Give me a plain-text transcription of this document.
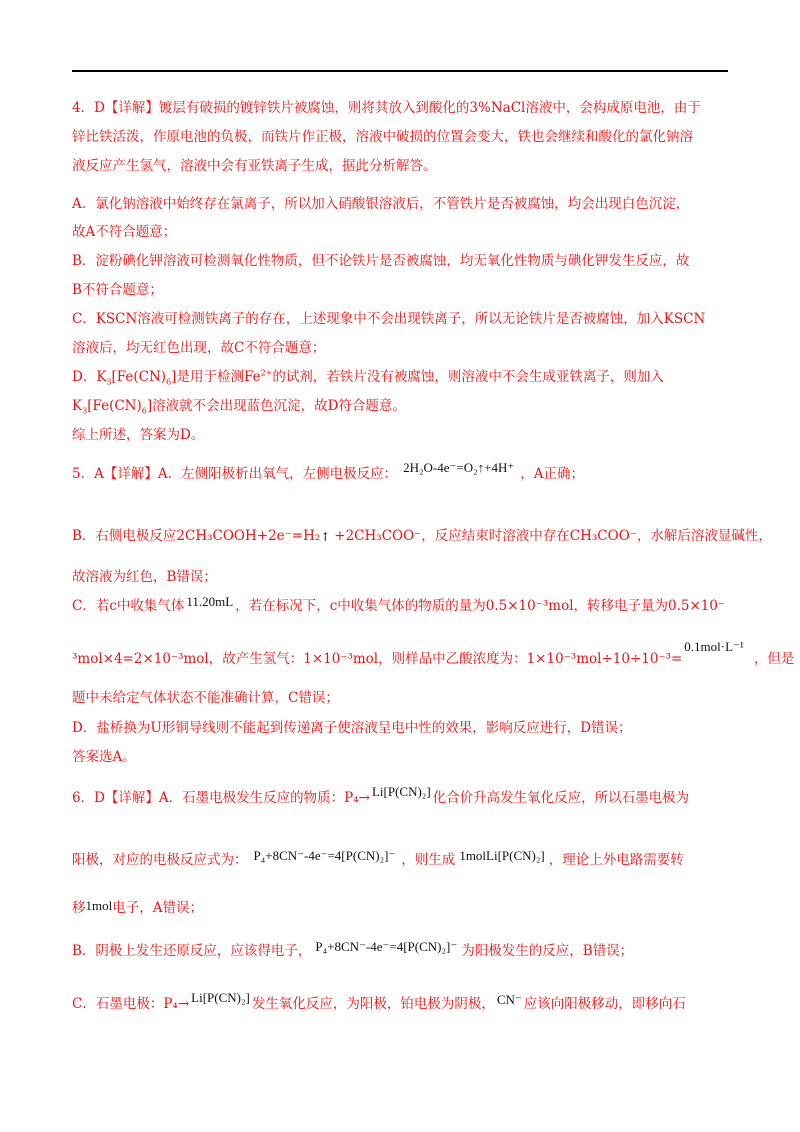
4．D【详解】镀层有破损的镀锌铁片被腐蚀，则将其放入到酸化的3%NaCl溶液中，会构成原电池，由于
锌比铁活泼，作原电池的负极，而铁片作正极，溶液中破损的位置会变大，铁也会继续和酸化的氯化钠溶
液反应产生氢气，溶液中会有亚铁离子生成，据此分析解答。
A．氯化钠溶液中始终存在氯离子，所以加入硝酸银溶液后，不管铁片是否被腐蚀，均会出现白色沉淀，
故A不符合题意；
B．淀粉碘化钾溶液可检测氧化性物质，但不论铁片是否被腐蚀，均无氧化性物质与碘化钾发生反应，故
B不符合题意；
C．KSCN溶液可检测铁离子的存在，上述现象中不会出现铁离子，所以无论铁片是否被腐蚀，加入KSCN
溶液后，均无红色出现，故C不符合题意；
D．$K_3[Fe(CN)_6]$是用于检测$Fe^{2+}$的试剂，若铁片没有被腐蚀，则溶液中不会生成亚铁离子，则加入
$K_3[Fe(CN)_6]$溶液就不会出现蓝色沉淀，故D符合题意。
综上所述，答案为D。
5．A【详解】A．左侧阳极析出氧气，左侧电极反应： 2H₂O-4e⁻=O₂↑+4H⁺ ，A正确；
B．右侧电极反应2CH₃COOH+2e⁻=H₂ ↑ +2CH₃COO⁻，反应结束时溶液中存在CH₃COO⁻，水解后溶液显碱性，
故溶液为红色，B错误；
C．若c中收集气体 11.20mL ，若在标况下，c中收集气体的物质的量为0.5×10⁻³mol，转移电子量为0.5×10⁻
³mol×4=2×10⁻³mol，故产生氢气：1×10⁻³mol，则样品中乙酸浓度为：1×10⁻³mol÷10÷10⁻³=0.1mol·L⁻¹，但是
题中未给定气体状态不能准确计算，C错误；
D．盐桥换为U形铜导线则不能起到传递离子使溶液呈电中性的效果，影响反应进行，D错误；
答案选A。
6．D【详解】A．石墨电极发生反应的物质：P₄→ Li[P(CN)₂] 化合价升高发生氧化反应，所以石墨电极为
阳极，对应的电极反应式为： P₄+8CN⁻-4e⁻=4[P(CN)₂]⁻ ，则生成 1molLi[P(CN)₂] ，理论上外电路需要转
移1mol电子，A错误；
B．阴极上发生还原反应，应该得电子， P₄+8CN⁻-4e⁻=4[P(CN)₂]⁻ 为阳极发生的反应，B错误；
C．石墨电极：P₄→ Li[P(CN)₂] 发生氧化反应，为阳极，铂电极为阴极， CN⁻ 应该向阳极移动，即移向石
